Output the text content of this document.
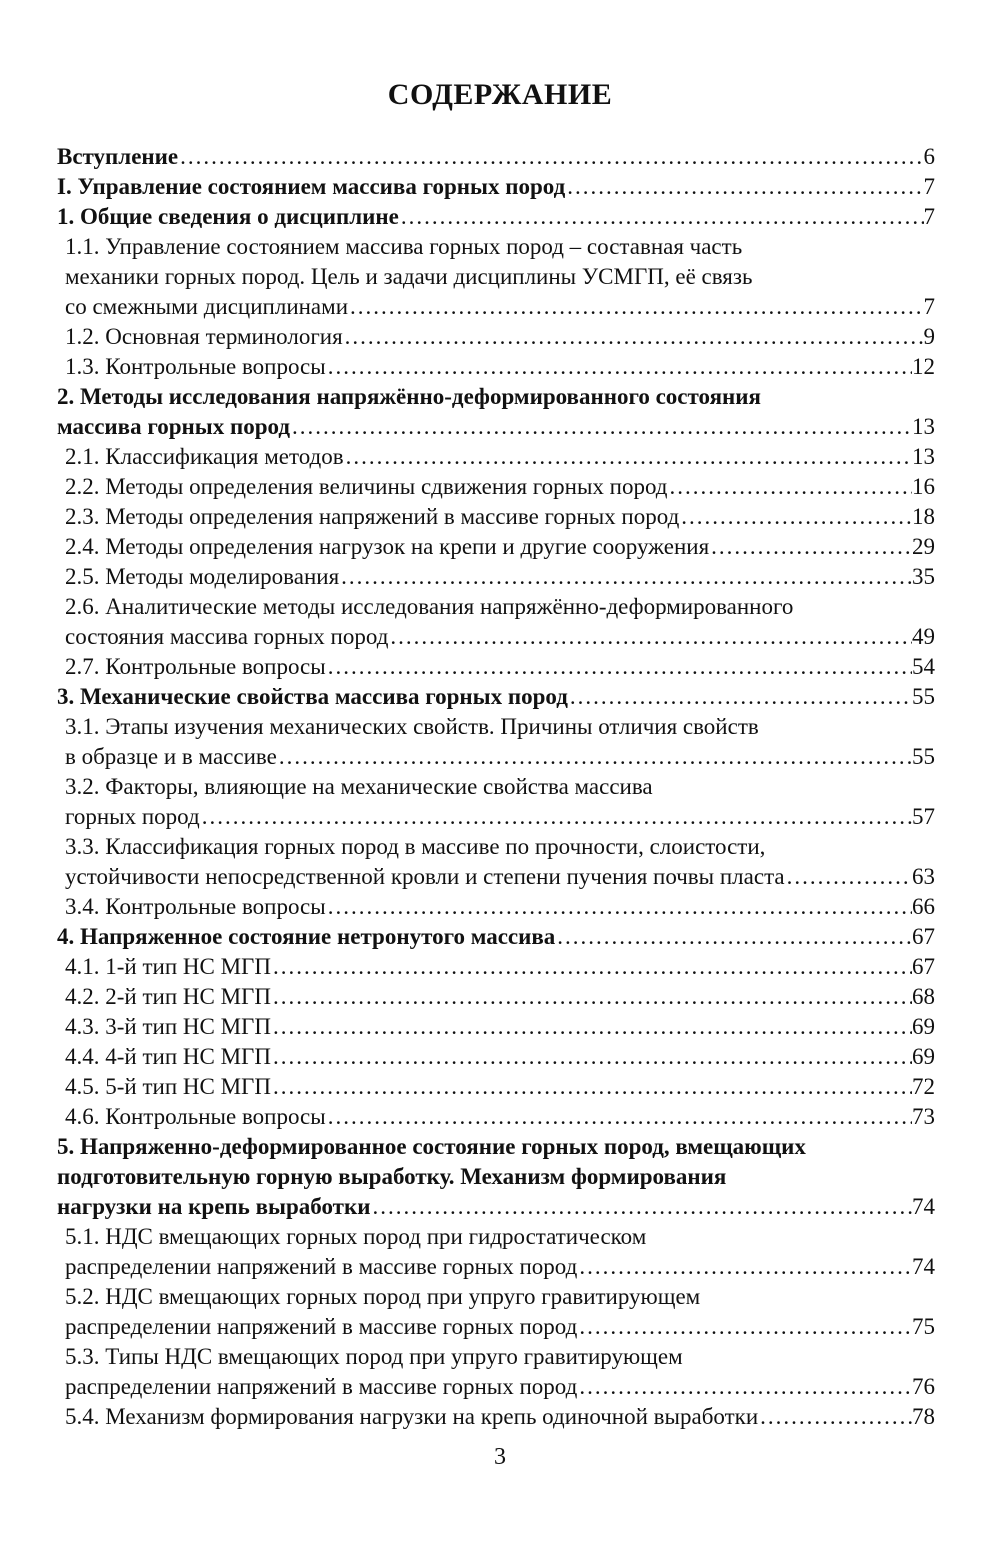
СОДЕРЖАНИЕ
Вступление .....	6
I. Управление состоянием массива горных пород .....	7
1. Общие сведения о дисциплине .....	7
1.1. Управление состоянием массива горных пород – составная часть
механики горных пород. Цель и задачи дисциплины УСМГП, её связь
со смежными дисциплинами .....	7
1.2. Основная терминология .....	9
1.3. Контрольные вопросы .....	12
2. Методы исследования напряжённо-деформированного состояния
массива горных пород .....	13
2.1. Классификация методов .....	13
2.2. Методы определения величины сдвижения горных пород .....	16
2.3. Методы определения напряжений в массиве горных пород .....	18
2.4. Методы определения нагрузок на крепи и другие сооружения .....	29
2.5. Методы моделирования .....	35
2.6. Аналитические методы исследования напряжённо-деформированного
состояния массива горных пород .....	49
2.7. Контрольные вопросы .....	54
3. Механические свойства массива горных пород .....	55
3.1. Этапы изучения механических свойств. Причины отличия свойств
в образце и в массиве .....	55
3.2. Факторы, влияющие на механические свойства массива
горных пород .....	57
3.3. Классификация горных пород в массиве по прочности, слоистости,
устойчивости непосредственной кровли и степени пучения почвы пласта .....	63
3.4. Контрольные вопросы .....	66
4. Напряженное состояние нетронутого массива .....	67
4.1. 1-й тип НС МГП .....	67
4.2. 2-й тип НС МГП .....	68
4.3. 3-й тип НС МГП .....	69
4.4. 4-й тип НС МГП .....	69
4.5. 5-й тип НС МГП .....	72
4.6. Контрольные вопросы .....	73
5. Напряженно-деформированное состояние горных пород, вмещающих
подготовительную горную выработку. Механизм формирования
нагрузки на крепь выработки .....	74
5.1. НДС вмещающих горных пород при гидростатическом
распределении напряжений в массиве горных пород .....	74
5.2. НДС вмещающих горных пород при упруго гравитирующем
распределении напряжений в массиве горных пород .....	75
5.3. Типы НДС вмещающих пород при упруго гравитирующем
распределении напряжений в массиве горных пород .....	76
5.4. Механизм формирования нагрузки на крепь одиночной выработки .....	78
3
